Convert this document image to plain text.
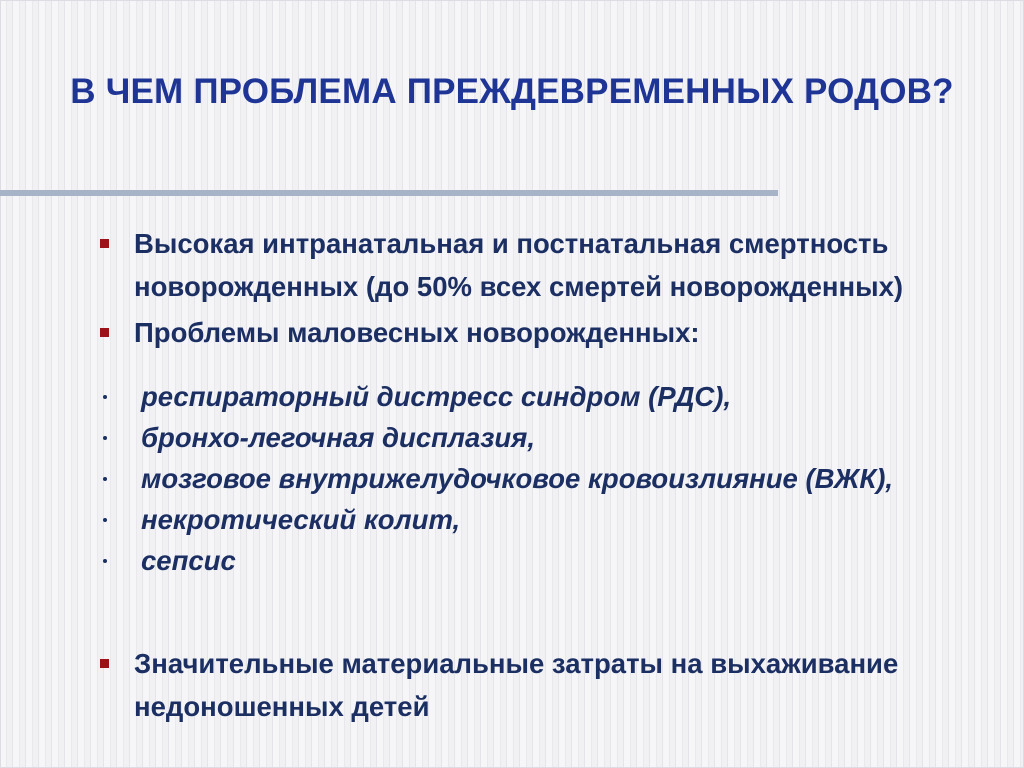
В ЧЕМ ПРОБЛЕМА ПРЕЖДЕВРЕМЕННЫХ РОДОВ?
Высокая интранатальная и постнатальная смертность
новорожденных (до 50% всех смертей новорожденных)
Проблемы маловесных новорожденных:
респираторный дистресс синдром (РДС),
бронхо-легочная дисплазия,
мозговое внутрижелудочковое кровоизлияние (ВЖК),
некротический колит,
сепсис
Значительные материальные затраты на выхаживание
недоношенных детей
